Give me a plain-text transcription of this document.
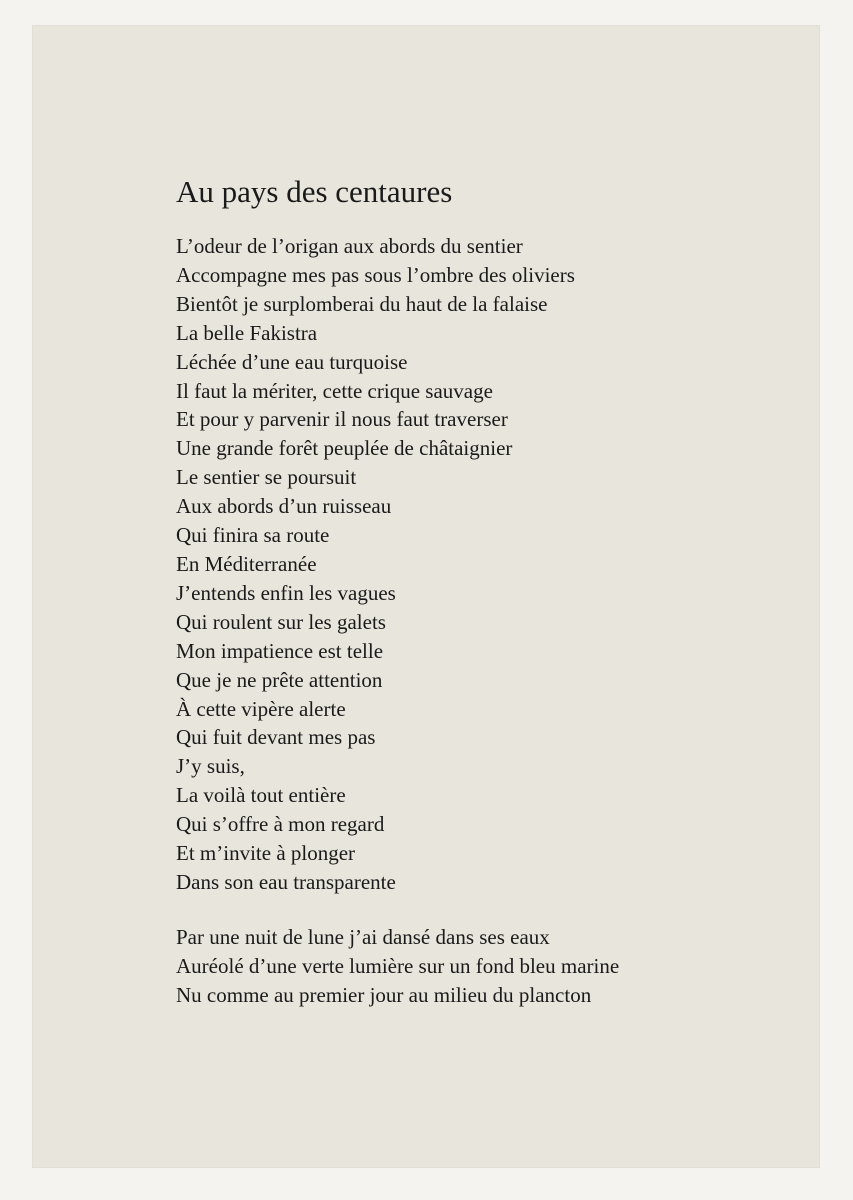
Au pays des centaures
L’odeur de l’origan aux abords du sentier
Accompagne mes pas sous l’ombre des oliviers
Bientôt je surplomberai du haut de la falaise
La belle Fakistra
Léchée d’une eau turquoise
Il faut la mériter, cette crique sauvage
Et pour y parvenir il nous faut traverser
Une grande forêt peuplée de châtaignier
Le sentier se poursuit
Aux abords d’un ruisseau
Qui finira sa route
En Méditerranée
J’entends enfin les vagues
Qui roulent sur les galets
Mon impatience est telle
Que je ne prête attention
À cette vipère alerte
Qui fuit devant mes pas
J’y suis,
La voilà tout entière
Qui s’offre à mon regard
Et m’invite à plonger
Dans son eau transparente
Par une nuit de lune j’ai dansé dans ses eaux
Auréolé d’une verte lumière sur un fond bleu marine
Nu comme au premier jour au milieu du plancton
